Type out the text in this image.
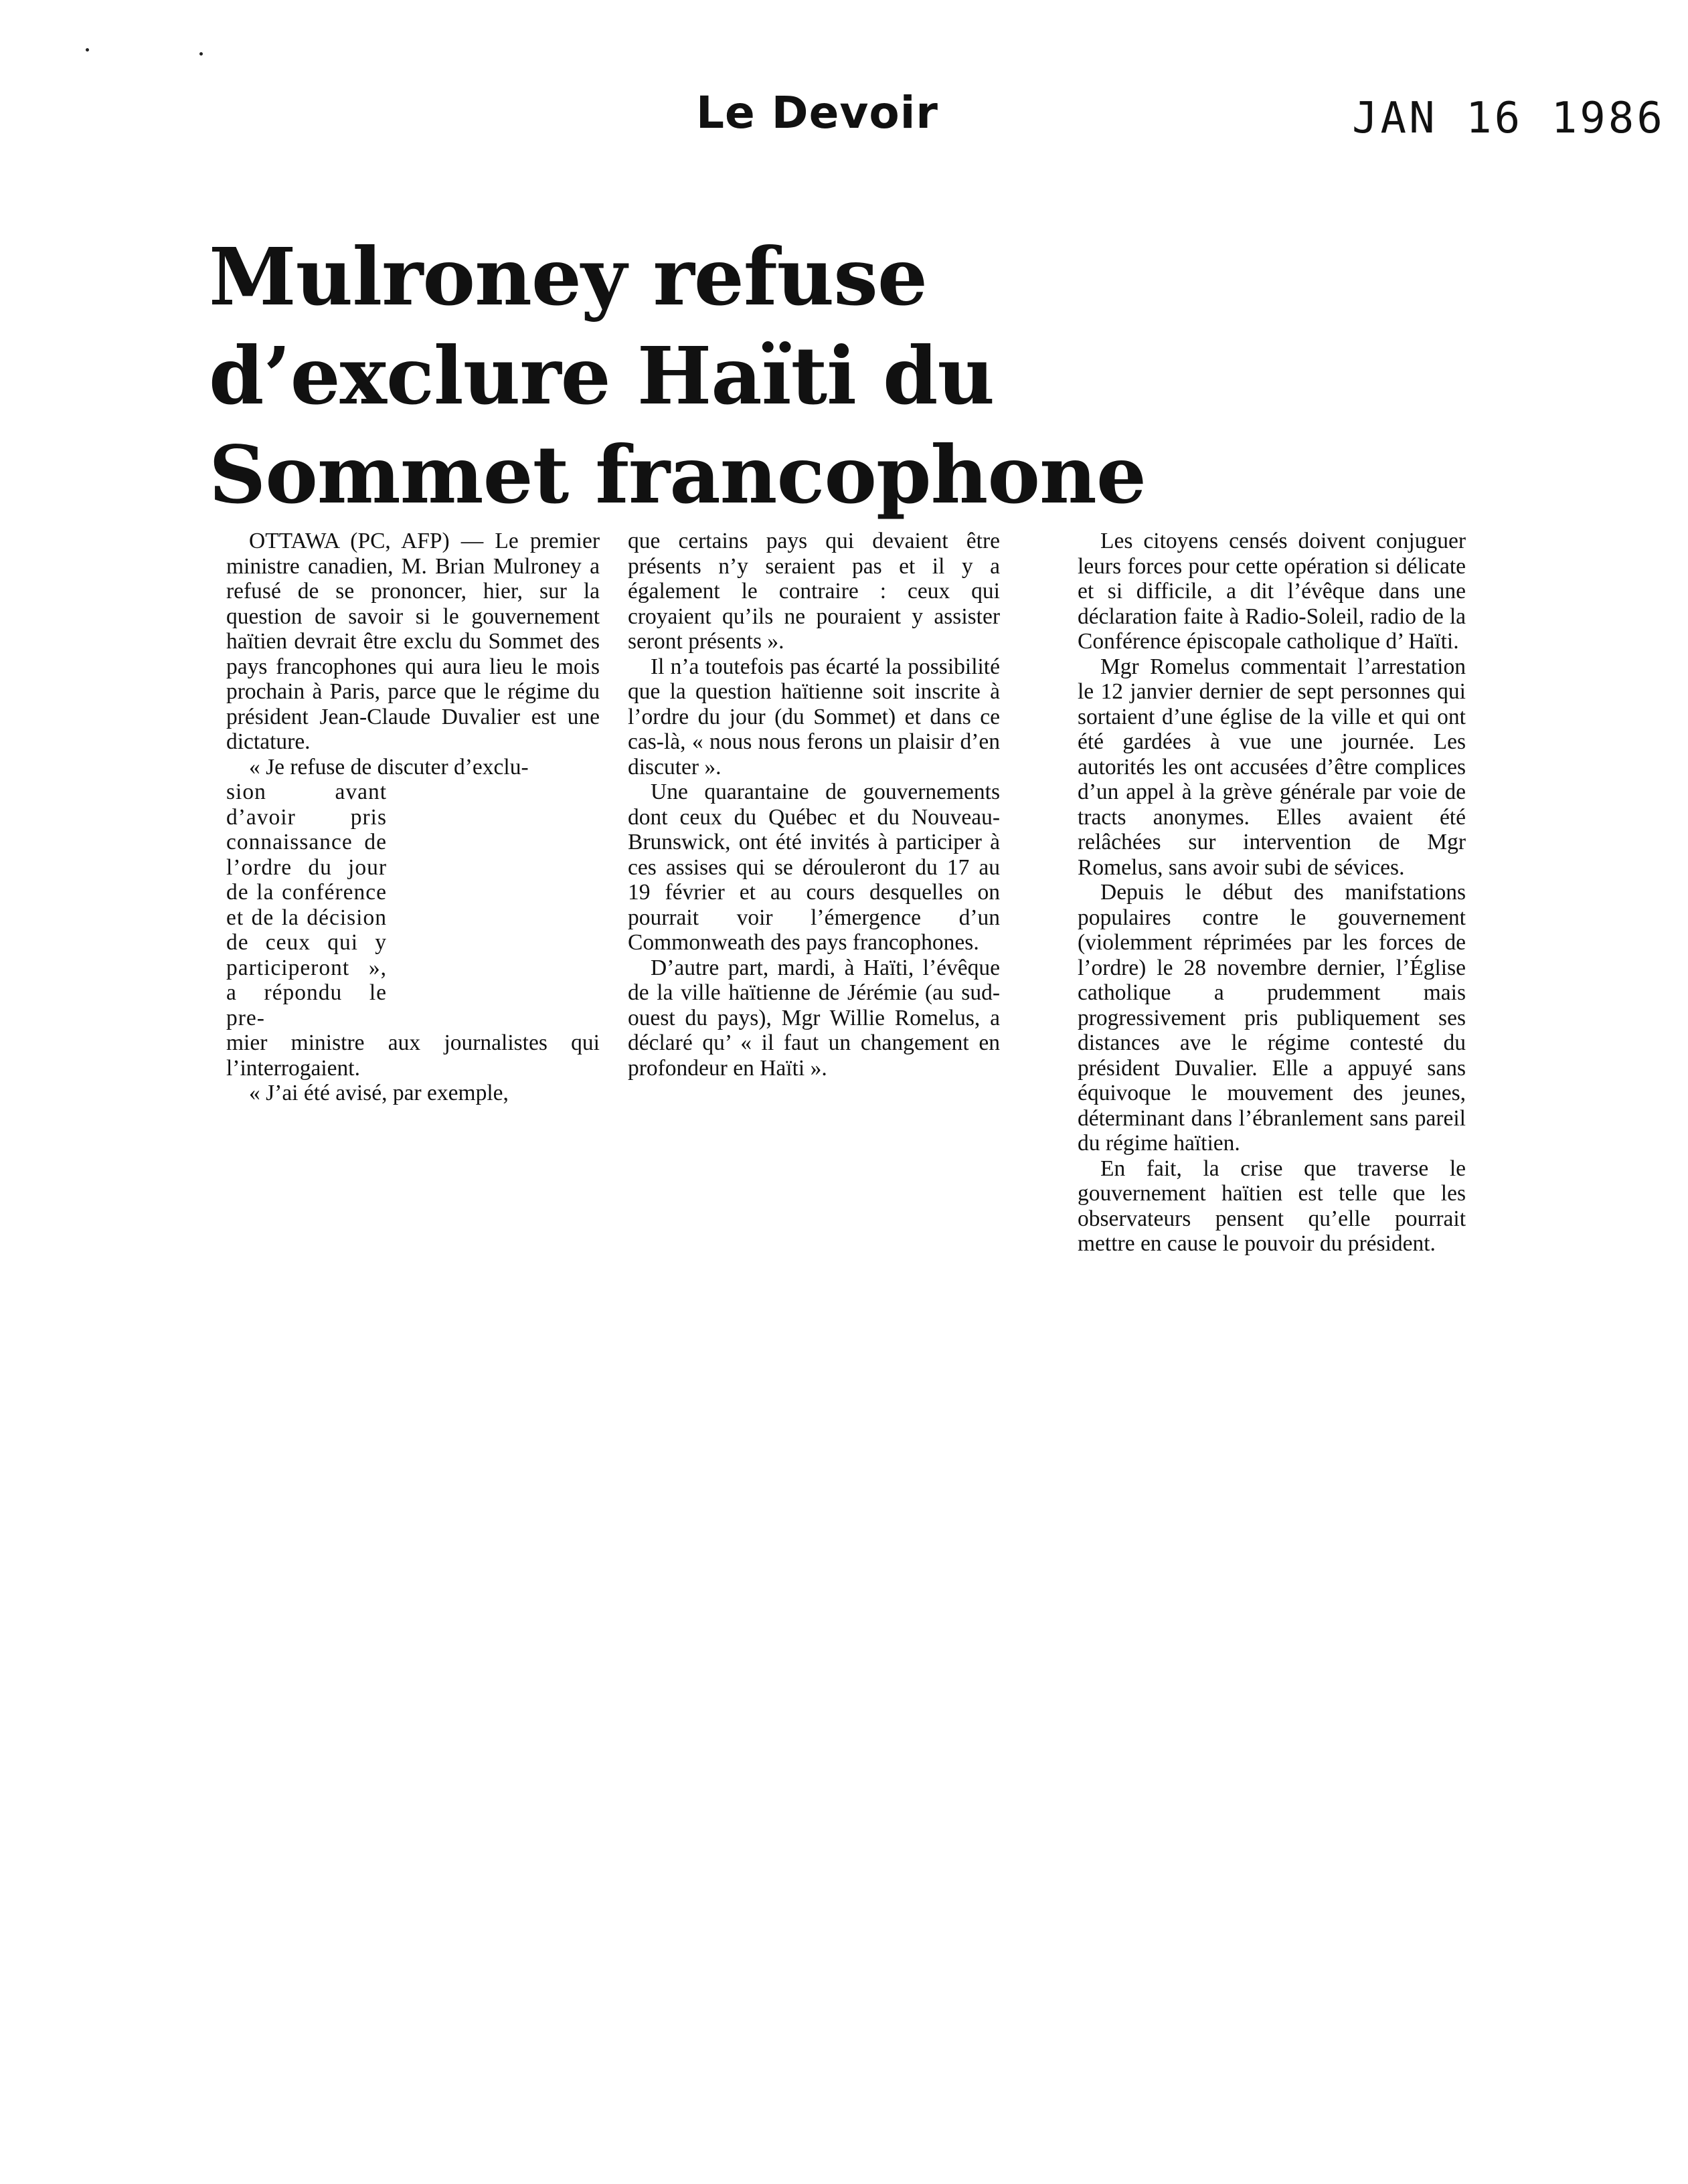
Le Devoir	JAN 16 1986
Mulroney refuse
d’exclure Haïti du
Sommet francophone

OTTAWA (PC, AFP) — Le premier ministre canadien, M. Brian Mulroney a refusé de se prononcer, hier, sur la question de savoir si le gouvernement haïtien devrait être exclu du Sommet des pays francophones qui aura lieu le mois prochain à Paris, parce que le régime du président Jean-Claude Duvalier est une dictature.

« Je refuse de discuter d’exclu-

sion avant d’avoir pris connaissance de l’ordre du jour de la conférence et de la décision de ceux qui y participeront », a répondu le pre-

mier ministre aux journalistes qui l’interrogaient.

« J’ai été avisé, par exemple,

que certains pays qui devaient être présents n’y seraient pas et il y a également le contraire : ceux qui croyaient qu’ils ne pouraient y assister seront présents ».

Il n’a toutefois pas écarté la possibilité que la question haïtienne soit inscrite à l’ordre du jour (du Sommet) et dans ce cas-là, « nous nous ferons un plaisir d’en discuter ».

Une quarantaine de gouvernements dont ceux du Québec et du Nouveau-Brunswick, ont été invités à participer à ces assises qui se dérouleront du 17 au 19 février et au cours desquelles on pourrait voir l’émergence d’un Commonweath des pays francophones.

D’autre part, mardi, à Haïti, l’évêque de la ville haïtienne de Jérémie (au sud-ouest du pays), Mgr Willie Romelus, a déclaré qu’ « il faut un changement en profondeur en Haïti ».

Les citoyens censés doivent conjuguer leurs forces pour cette opération si délicate et si difficile, a dit l’évêque dans une déclaration faite à Radio-Soleil, radio de la Conférence épiscopale catholique d’ Haïti.

Mgr Romelus commentait l’arrestation le 12 janvier dernier de sept personnes qui sortaient d’une église de la ville et qui ont été gardées à vue une journée. Les autorités les ont accusées d’être complices d’un appel à la grève générale par voie de tracts anonymes. Elles avaient été relâchées sur intervention de Mgr Romelus, sans avoir subi de sévices.

Depuis le début des manifstations populaires contre le gouvernement (violemment réprimées par les forces de l’ordre) le 28 novembre dernier, l’Église catholique a prudemment mais progressivement pris publiquement ses distances ave le régime contesté du président Duvalier. Elle a appuyé sans équivoque le mouvement des jeunes, déterminant dans l’ébranlement sans pareil du régime haïtien.

En fait, la crise que traverse le gouvernement haïtien est telle que les observateurs pensent qu’elle pourrait mettre en cause le pouvoir du président.
